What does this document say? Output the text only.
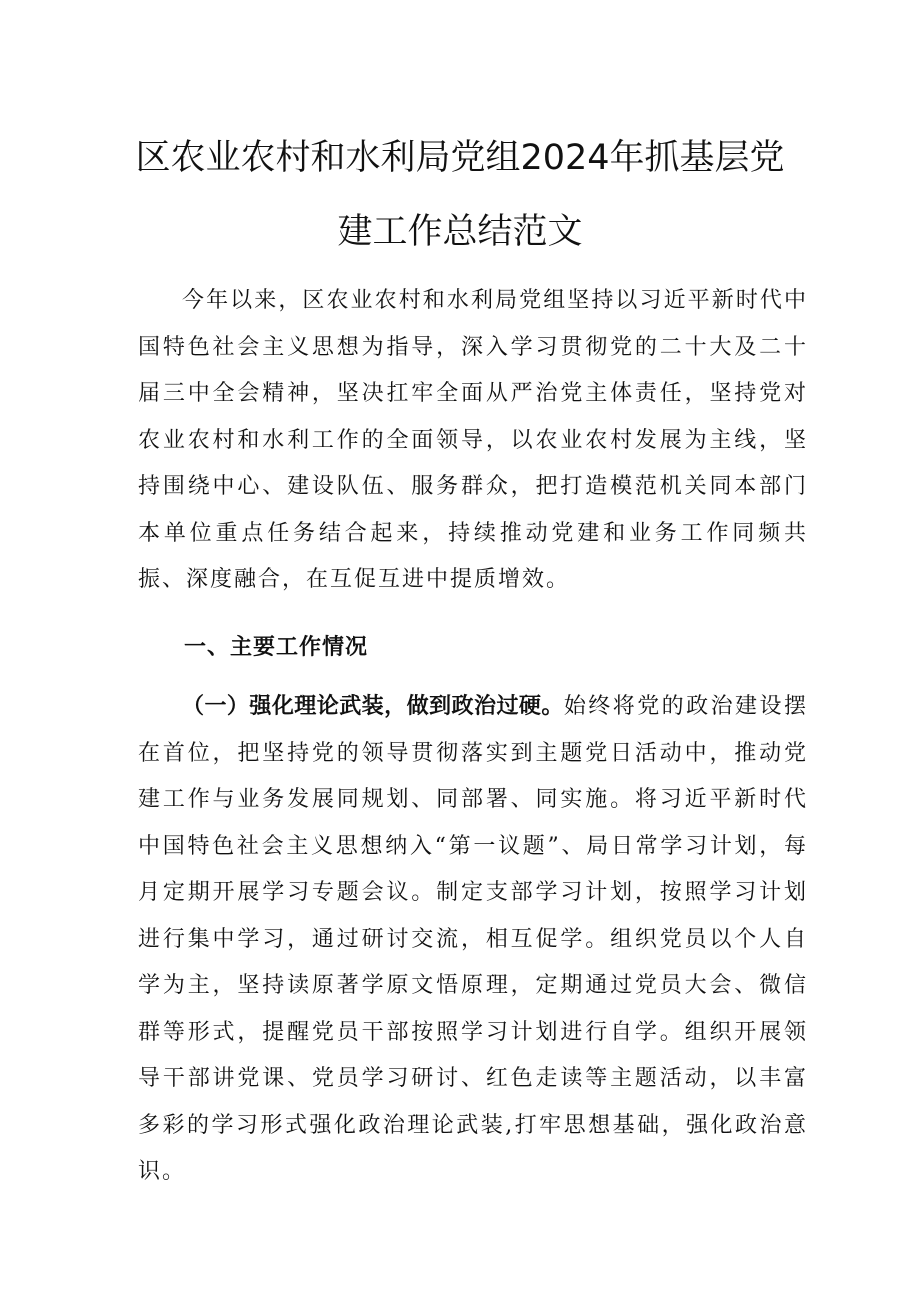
区农业农村和水利局党组2024年抓基层党
建工作总结范文

今年以来，区农业农村和水利局党组坚持以习近平新时代中国特色社会主义思想为指导，深入学习贯彻党的二十大及二十届三中全会精神，坚决扛牢全面从严治党主体责任，坚持党对农业农村和水利工作的全面领导，以农业农村发展为主线，坚持围绕中心、建设队伍、服务群众，把打造模范机关同本部门本单位重点任务结合起来，持续推动党建和业务工作同频共振、深度融合，在互促互进中提质增效。

一、主要工作情况

（一）强化理论武装，做到政治过硬。始终将党的政治建设摆在首位，把坚持党的领导贯彻落实到主题党日活动中，推动党建工作与业务发展同规划、同部署、同实施。将习近平新时代中国特色社会主义思想纳入“第一议题”、局日常学习计划，每月定期开展学习专题会议。制定支部学习计划，按照学习计划进行集中学习，通过研讨交流，相互促学。组织党员以个人自学为主，坚持读原著学原文悟原理，定期通过党员大会、微信群等形式，提醒党员干部按照学习计划进行自学。组织开展领导干部讲党课、党员学习研讨、红色走读等主题活动，以丰富多彩的学习形式强化政治理论武装,打牢思想基础，强化政治意识。
